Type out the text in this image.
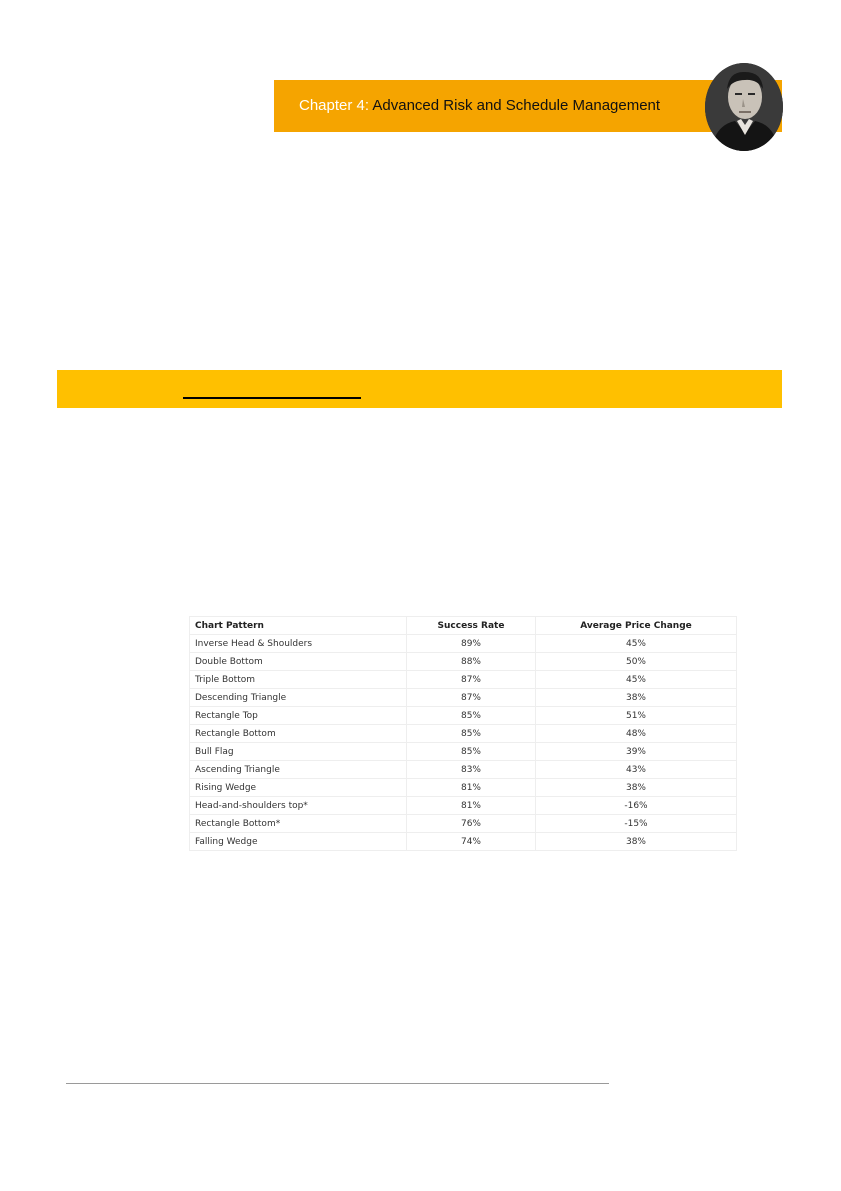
Chapter 4: Advanced Risk and Schedule Management
Chart Pattern	Success Rate	Average Price Change
Inverse Head & Shoulders	89%	45%
Double Bottom	88%	50%
Triple Bottom	87%	45%
Descending Triangle	87%	38%
Rectangle Top	85%	51%
Rectangle Bottom	85%	48%
Bull Flag	85%	39%
Ascending Triangle	83%	43%
Rising Wedge	81%	38%
Head-and-shoulders top*	81%	-16%
Rectangle Bottom*	76%	-15%
Falling Wedge	74%	38%
